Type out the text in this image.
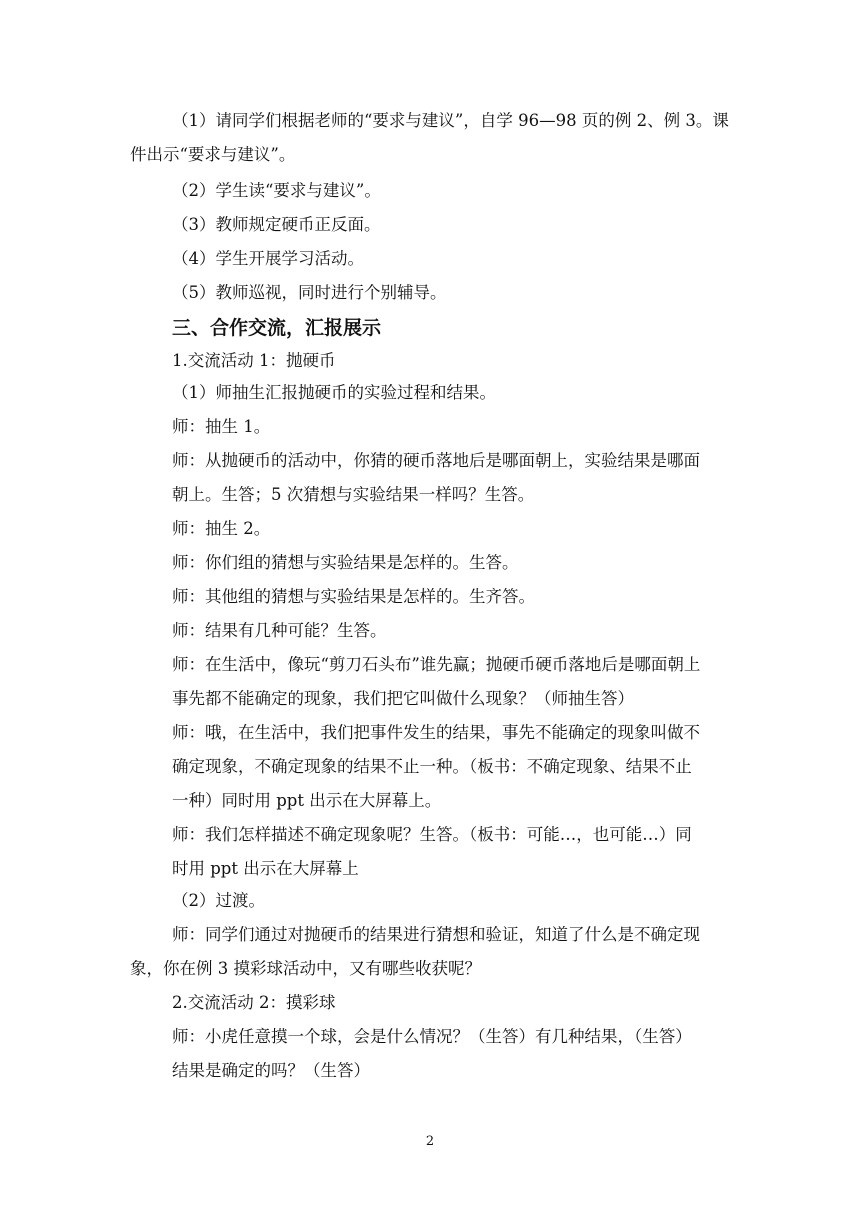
（1）请同学们根据老师的“要求与建议”，自学 96—98 页的例 2、例 3。课
件出示“要求与建议”。
（2）学生读“要求与建议”。
（3）教师规定硬币正反面。
（4）学生开展学习活动。
（5）教师巡视，同时进行个别辅导。
三、合作交流，汇报展示
1.交流活动 1：抛硬币
（1）师抽生汇报抛硬币的实验过程和结果。
师：抽生 1。
师：从抛硬币的活动中，你猜的硬币落地后是哪面朝上，实验结果是哪面
朝上。生答；5 次猜想与实验结果一样吗？生答。
师：抽生 2。
师：你们组的猜想与实验结果是怎样的。生答。
师：其他组的猜想与实验结果是怎样的。生齐答。
师：结果有几种可能？生答。
师：在生活中，像玩“剪刀石头布”谁先赢；抛硬币硬币落地后是哪面朝上
事先都不能确定的现象，我们把它叫做什么现象？（师抽生答）
师：哦，在生活中，我们把事件发生的结果，事先不能确定的现象叫做不
确定现象，不确定现象的结果不止一种。（板书：不确定现象、结果不止
一种）同时用 ppt 出示在大屏幕上。
师：我们怎样描述不确定现象呢？生答。（板书：可能…，也可能…）同
时用 ppt 出示在大屏幕上
（2）过渡。
师：同学们通过对抛硬币的结果进行猜想和验证，知道了什么是不确定现
象，你在例 3 摸彩球活动中，又有哪些收获呢？
2.交流活动 2：摸彩球
师：小虎任意摸一个球，会是什么情况？（生答）有几种结果，（生答）
结果是确定的吗？（生答）
2
